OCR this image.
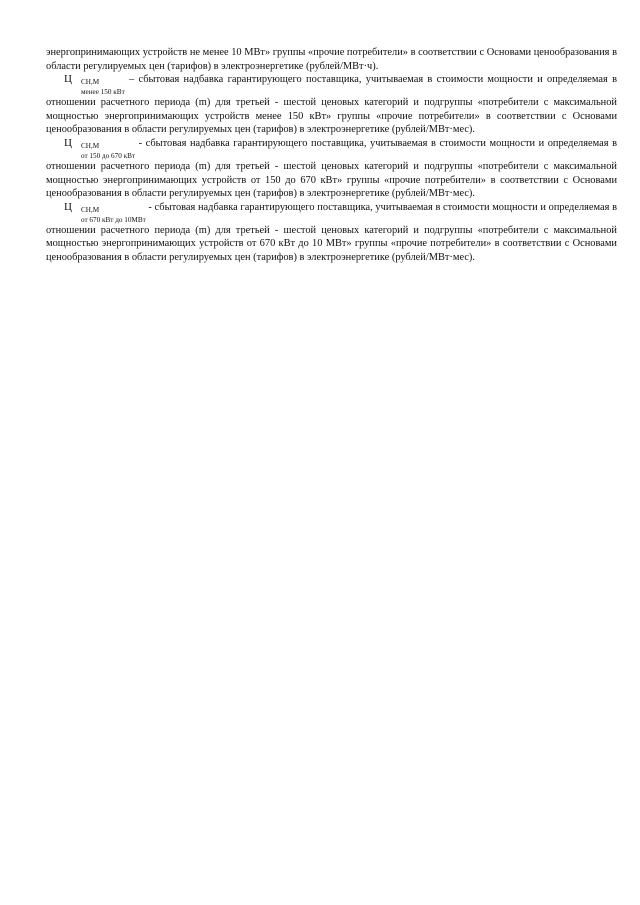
энергопринимающих устройств не менее 10 МВт» группы «прочие потребители» в соответствии с Основами ценообразования в области регулируемых цен (тарифов) в электроэнергетике (рублей/МВт·ч).

Ц	СН,М
менее 150 кВт
– сбытовая надбавка гарантирующего поставщика, учитываемая в стоимости мощности и определяемая в отношении расчетного периода (m) для третьей - шестой ценовых категорий и подгруппы «потребители с максимальной мощностью энергопринимающих устройств менее 150 кВт» группы «прочие потребители» в соответствии с Основами ценообразования в области регулируемых цен (тарифов) в электроэнергетике (рублей/МВт·мес).

Ц	СН,М
от 150 до 670 кВт
- сбытовая надбавка гарантирующего поставщика, учитываемая в стоимости мощности и определяемая в отношении расчетного периода (m) для третьей - шестой ценовых категорий и подгруппы «потребители с максимальной мощностью энергопринимающих устройств от 150 до 670 кВт» группы «прочие потребители» в соответствии с Основами ценообразования в области регулируемых цен (тарифов) в электроэнергетике (рублей/МВт·мес).

Ц	СН,М
от 670 кВт до 10МВт
- сбытовая надбавка гарантирующего поставщика, учитываемая в стоимости мощности и определяемая в отношении расчетного периода (m) для третьей - шестой ценовых категорий и подгруппы «потребители с максимальной мощностью энергопринимающих устройств от 670 кВт до 10 МВт» группы «прочие потребители» в соответствии с Основами ценообразования в области регулируемых цен (тарифов) в электроэнергетике (рублей/МВт·мес).
